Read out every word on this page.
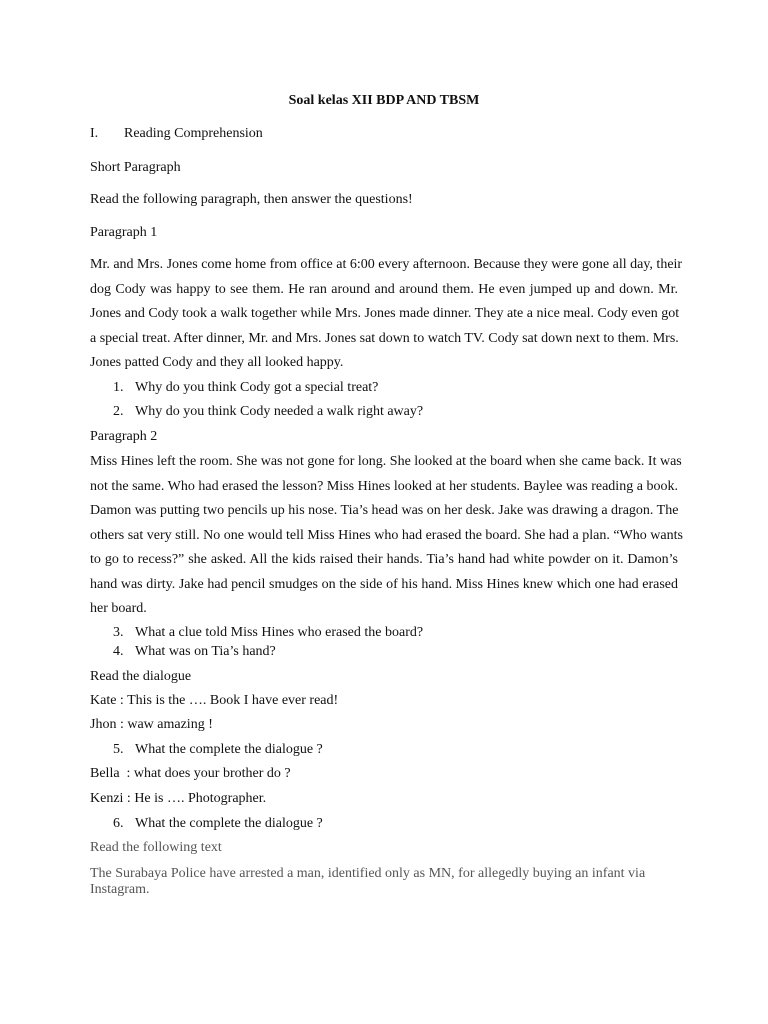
Soal kelas XII BDP AND TBSM
I. Reading Comprehension
Short Paragraph
Read the following paragraph, then answer the questions!
Paragraph 1
Mr. and Mrs. Jones come home from office at 6:00 every afternoon. Because they were gone all day, their
dog Cody was happy to see them. He ran around and around them. He even jumped up and down. Mr.
Jones and Cody took a walk together while Mrs. Jones made dinner. They ate a nice meal. Cody even got
a special treat. After dinner, Mr. and Mrs. Jones sat down to watch TV. Cody sat down next to them. Mrs.
Jones patted Cody and they all looked happy.
1. Why do you think Cody got a special treat?
2. Why do you think Cody needed a walk right away?
Paragraph 2
Miss Hines left the room. She was not gone for long. She looked at the board when she came back. It was
not the same. Who had erased the lesson? Miss Hines looked at her students. Baylee was reading a book.
Damon was putting two pencils up his nose. Tia’s head was on her desk. Jake was drawing a dragon. The
others sat very still. No one would tell Miss Hines who had erased the board. She had a plan. “Who wants
to go to recess?” she asked. All the kids raised their hands. Tia’s hand had white powder on it. Damon’s
hand was dirty. Jake had pencil smudges on the side of his hand. Miss Hines knew which one had erased
her board.
3. What a clue told Miss Hines who erased the board?
4. What was on Tia’s hand?
Read the dialogue
Kate : This is the …. Book I have ever read!
Jhon : waw amazing !
5. What the complete the dialogue ?
Bella  : what does your brother do ?
Kenzi : He is …. Photographer.
6. What the complete the dialogue ?
Read the following text
The Surabaya Police have arrested a man, identified only as MN, for allegedly buying an infant via
Instagram.
